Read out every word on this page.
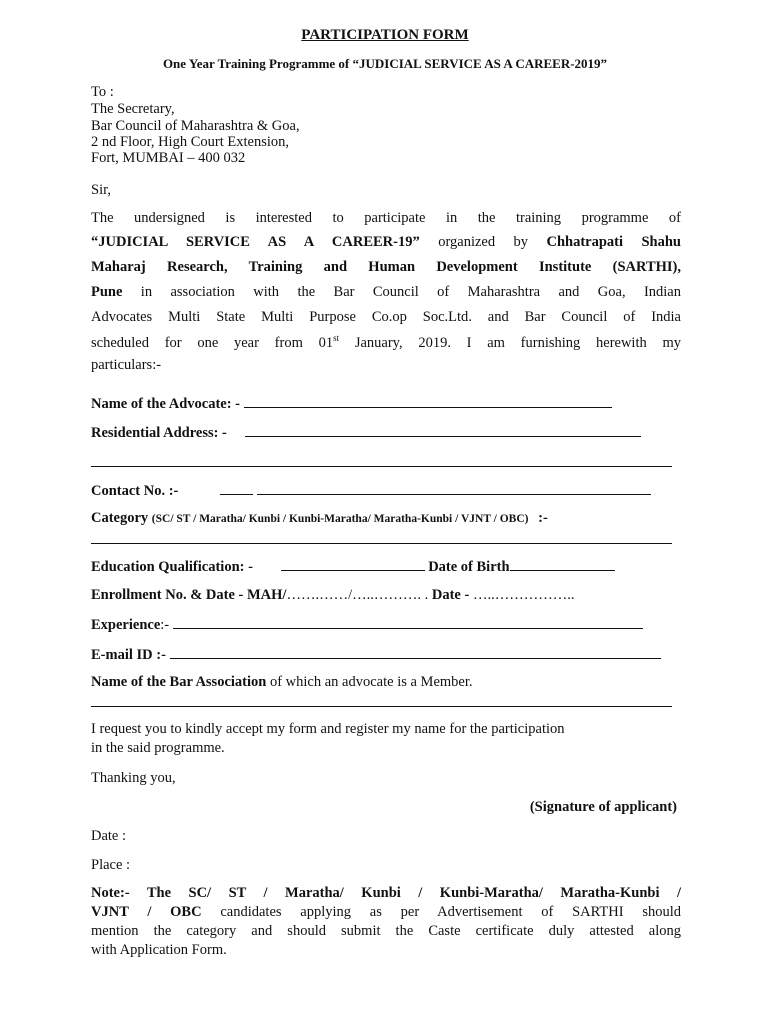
PARTICIPATION FORM
One Year Training Programme of “JUDICIAL SERVICE AS A CAREER-2019”
To :
The Secretary,
Bar Council of Maharashtra & Goa,
2 nd Floor, High Court Extension,
Fort, MUMBAI – 400 032
Sir,
The undersigned is interested to participate in the training programme of
“JUDICIAL SERVICE AS A CAREER-19” organized by Chhatrapati Shahu
Maharaj Research, Training and Human Development Institute (SARTHI),
Pune in association with the Bar Council of Maharashtra and Goa, Indian
Advocates Multi State Multi Purpose Co.op Soc.Ltd. and Bar Council of India
scheduled for one year from 01st January, 2019. I am furnishing herewith my
particulars:-
Name of the Advocate: -
Residential Address: -
Contact No. :-
Category (SC/ ST / Maratha/ Kunbi / Kunbi-Maratha/ Maratha-Kunbi / VJNT / OBC) :-
Education Qualification: -	Date of Birth
Enrollment No. & Date - MAH/…….……/…..………. . Date - …..……………..
Experience:-
E-mail ID :-
Name of the Bar Association of which an advocate is a Member.
I request you to kindly accept my form and register my name for the participation
in the said programme.
Thanking you,
(Signature of applicant)
Date :
Place :
Note:- The SC/ ST / Maratha/ Kunbi / Kunbi-Maratha/ Maratha-Kunbi /
VJNT / OBC candidates applying as per Advertisement of SARTHI should
mention the category and should submit the Caste certificate duly attested along
with Application Form.
